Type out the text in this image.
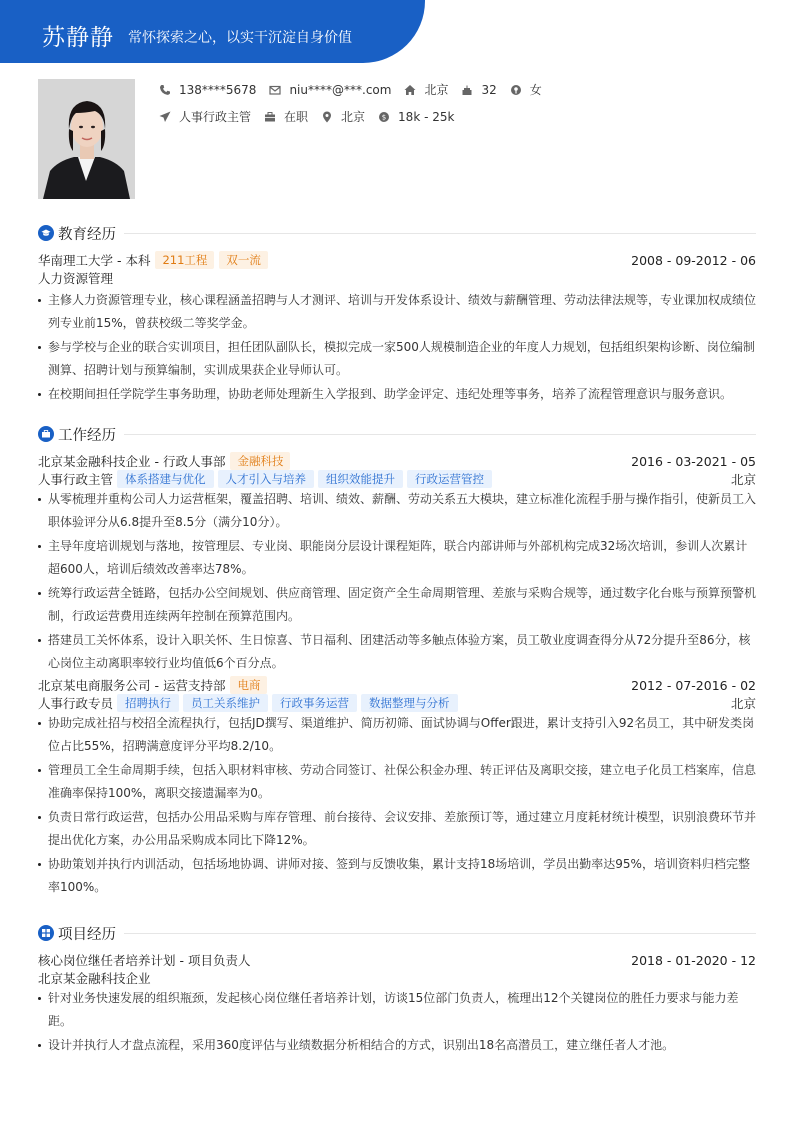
苏静静 常怀探索之心，以实干沉淀自身价值
138****5678	niu****@***.com	北京	32	女
人事行政主管	在职	北京 $ 18k - 25k
教育经历
华南理工大学 - 本科	211工程	双一流	2008 - 09-2012 - 06
人力资源管理
主修人力资源管理专业，核心课程涵盖招聘与人才测评、培训与开发体系设计、绩效与薪酬管理、劳动法律法规等，专业课加权成绩位列专业前15%，曾获校级二等奖学金。
参与学校与企业的联合实训项目，担任团队副队长，模拟完成一家500人规模制造企业的年度人力规划，包括组织架构诊断、岗位编制测算、招聘计划与预算编制，实训成果获企业导师认可。
在校期间担任学院学生事务助理，协助老师处理新生入学报到、助学金评定、违纪处理等事务，培养了流程管理意识与服务意识。
工作经历
北京某金融科技企业 - 行政人事部	金融科技	2016 - 03-2021 - 05
人事行政主管	体系搭建与优化	人才引入与培养	组织效能提升	行政运营管控	北京
从零梳理并重构公司人力运营框架，覆盖招聘、培训、绩效、薪酬、劳动关系五大模块，建立标准化流程手册与操作指引，使新员工入职体验评分从6.8提升至8.5分（满分10分）。
主导年度培训规划与落地，按管理层、专业岗、职能岗分层设计课程矩阵，联合内部讲师与外部机构完成32场次培训，参训人次累计超600人，培训后绩效改善率达78%。
统筹行政运营全链路，包括办公空间规划、供应商管理、固定资产全生命周期管理、差旅与采购合规等，通过数字化台账与预算预警机制，行政运营费用连续两年控制在预算范围内。
搭建员工关怀体系，设计入职关怀、生日惊喜、节日福利、团建活动等多触点体验方案，员工敬业度调查得分从72分提升至86分，核心岗位主动离职率较行业均值低6个百分点。
北京某电商服务公司 - 运营支持部	电商	2012 - 07-2016 - 02
人事行政专员	招聘执行	员工关系维护	行政事务运营	数据整理与分析	北京
协助完成社招与校招全流程执行，包括JD撰写、渠道维护、简历初筛、面试协调与Offer跟进，累计支持引入92名员工，其中研发类岗位占比55%，招聘满意度评分平均8.2/10。
管理员工全生命周期手续，包括入职材料审核、劳动合同签订、社保公积金办理、转正评估及离职交接，建立电子化员工档案库，信息准确率保持100%，离职交接遗漏率为0。
负责日常行政运营，包括办公用品采购与库存管理、前台接待、会议安排、差旅预订等，通过建立月度耗材统计模型，识别浪费环节并提出优化方案，办公用品采购成本同比下降12%。
协助策划并执行内训活动，包括场地协调、讲师对接、签到与反馈收集，累计支持18场培训，学员出勤率达95%，培训资料归档完整率100%。
项目经历
核心岗位继任者培养计划 - 项目负责人	2018 - 01-2020 - 12
北京某金融科技企业
针对业务快速发展的组织瓶颈，发起核心岗位继任者培养计划，访谈15位部门负责人，梳理出12个关键岗位的胜任力要求与能力差距。
设计并执行人才盘点流程，采用360度评估与业绩数据分析相结合的方式，识别出18名高潜员工，建立继任者人才池。
